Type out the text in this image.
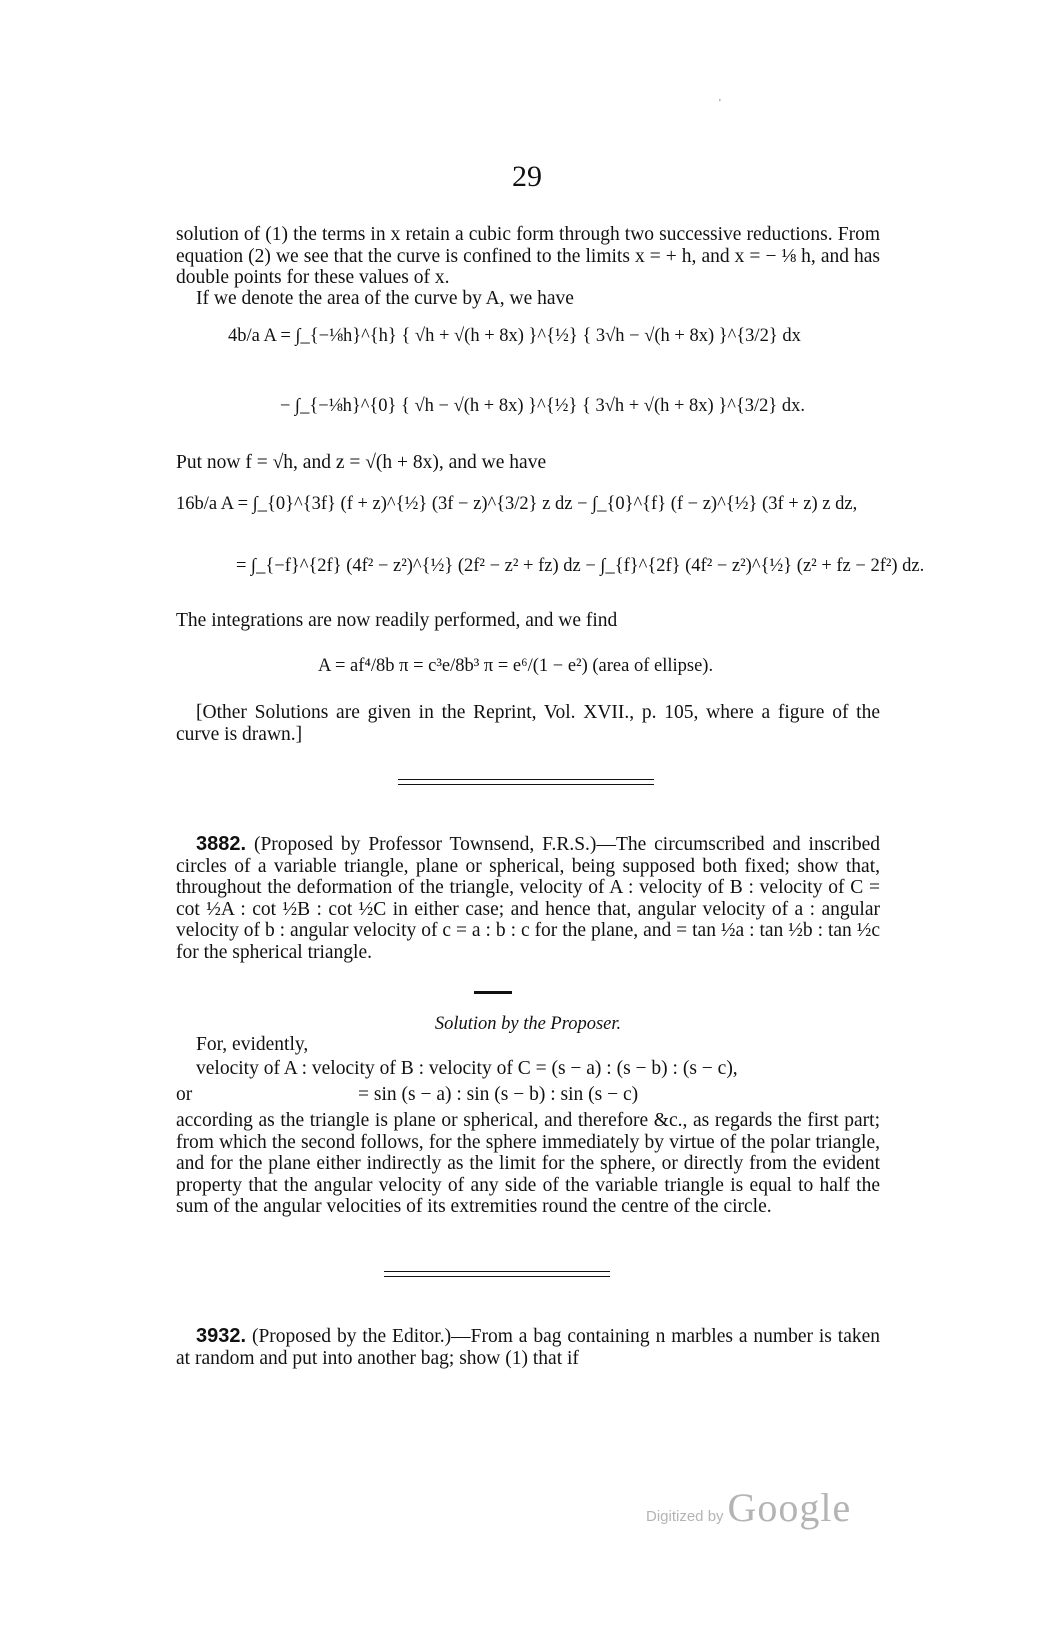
29

solution of (1) the terms in x retain a cubic form through two successive reductions. From equation (2) we see that the curve is confined to the limits x = + h, and x = − ⅛ h, and has double points for these values of x.

If we denote the area of the curve by A, we have

4b/a A = ∫_{−⅛h}^{h} { √h + √(h + 8x) }^{½} { 3√h − √(h + 8x) }^{3/2} dx
− ∫_{−⅛h}^{0} { √h − √(h + 8x) }^{½} { 3√h + √(h + 8x) }^{3/2} dx.

Put now f = √h, and z = √(h + 8x), and we have

16b/a A = ∫_{0}^{3f} (f + z)^{½} (3f − z)^{3/2} z dz − ∫_{0}^{f} (f − z)^{½} (3f + z) z dz,
= ∫_{−f}^{2f} (4f² − z²)^{½} (2f² − z² + fz) dz − ∫_{f}^{2f} (4f² − z²)^{½} (z² + fz − 2f²) dz.

The integrations are now readily performed, and we find

A = af⁴/8b π = c³e/8b³ π = e⁶/(1 − e²) (area of ellipse).

[Other Solutions are given in the Reprint, Vol. XVII., p. 105, where a figure of the curve is drawn.]

3882. (Proposed by Professor Townsend, F.R.S.)—The circumscribed and inscribed circles of a variable triangle, plane or spherical, being supposed both fixed; show that, throughout the deformation of the triangle, velocity of A : velocity of B : velocity of C = cot ½A : cot ½B : cot ½C in either case; and hence that, angular velocity of a : angular velocity of b : angular velocity of c = a : b : c for the plane, and = tan ½a : tan ½b : tan ½c for the spherical triangle.

Solution by the Proposer.

For, evidently,

velocity of A : velocity of B : velocity of C = (s − a) : (s − b) : (s − c),
or	= sin (s − a) : sin (s − b) : sin (s − c)

according as the triangle is plane or spherical, and therefore &c., as regards the first part; from which the second follows, for the sphere immediately by virtue of the polar triangle, and for the plane either indirectly as the limit for the sphere, or directly from the evident property that the angular velocity of any side of the variable triangle is equal to half the sum of the angular velocities of its extremities round the centre of the circle.

3932. (Proposed by the Editor.)—From a bag containing n marbles a number is taken at random and put into another bag; show (1) that if

'
Digitized by Google
